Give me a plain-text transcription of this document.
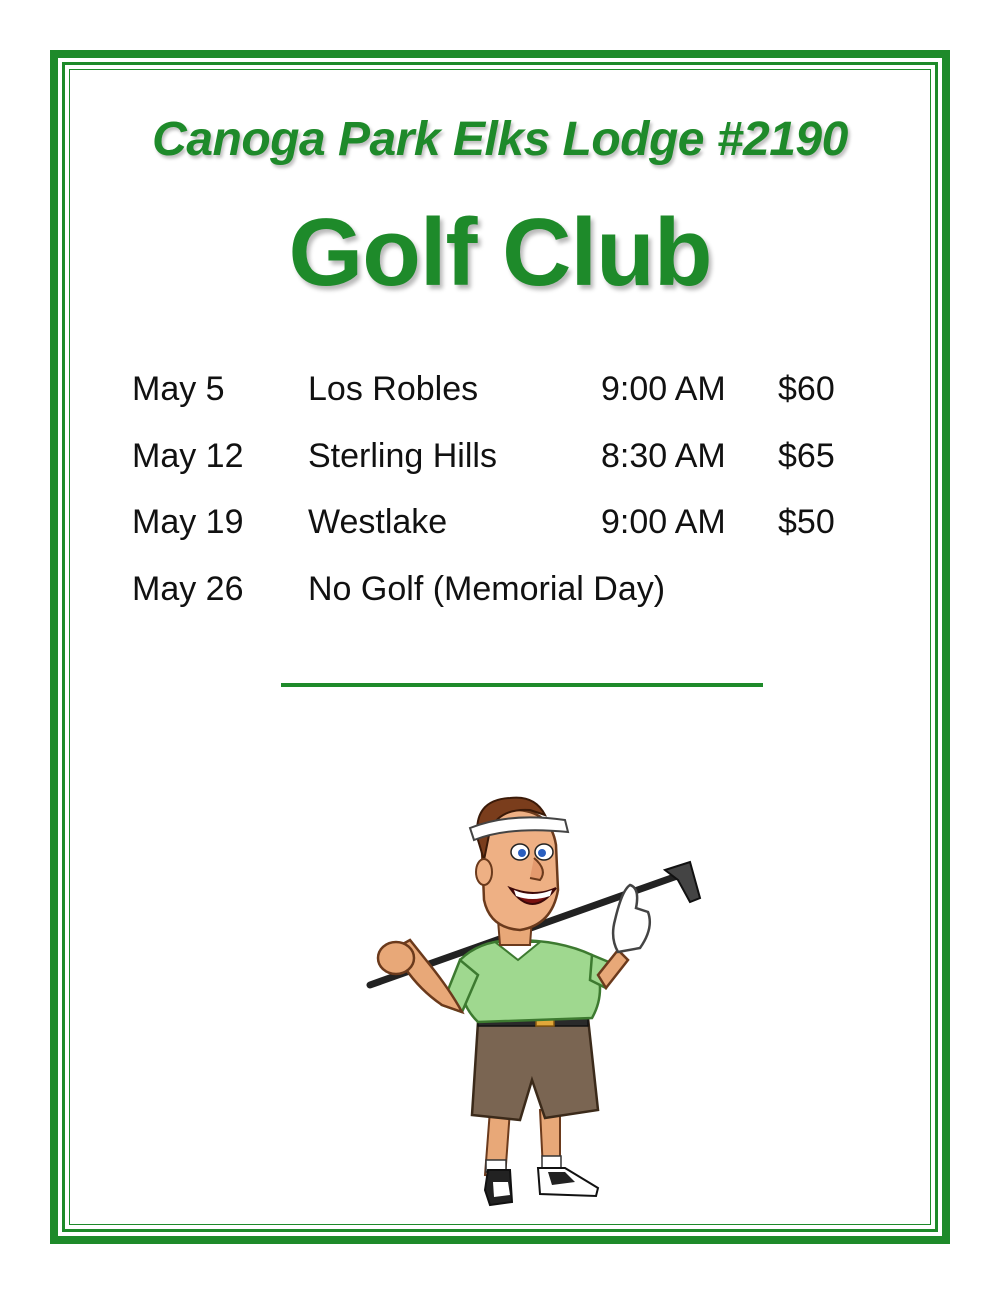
Canoga Park Elks Lodge #2190
Golf Club
May 5 Los Robles	9:00 AM $60
May 12 Sterling Hills	8:30 AM $65
May 19 Westlake	9:00 AM $50
May 26 No Golf (Memorial Day)
